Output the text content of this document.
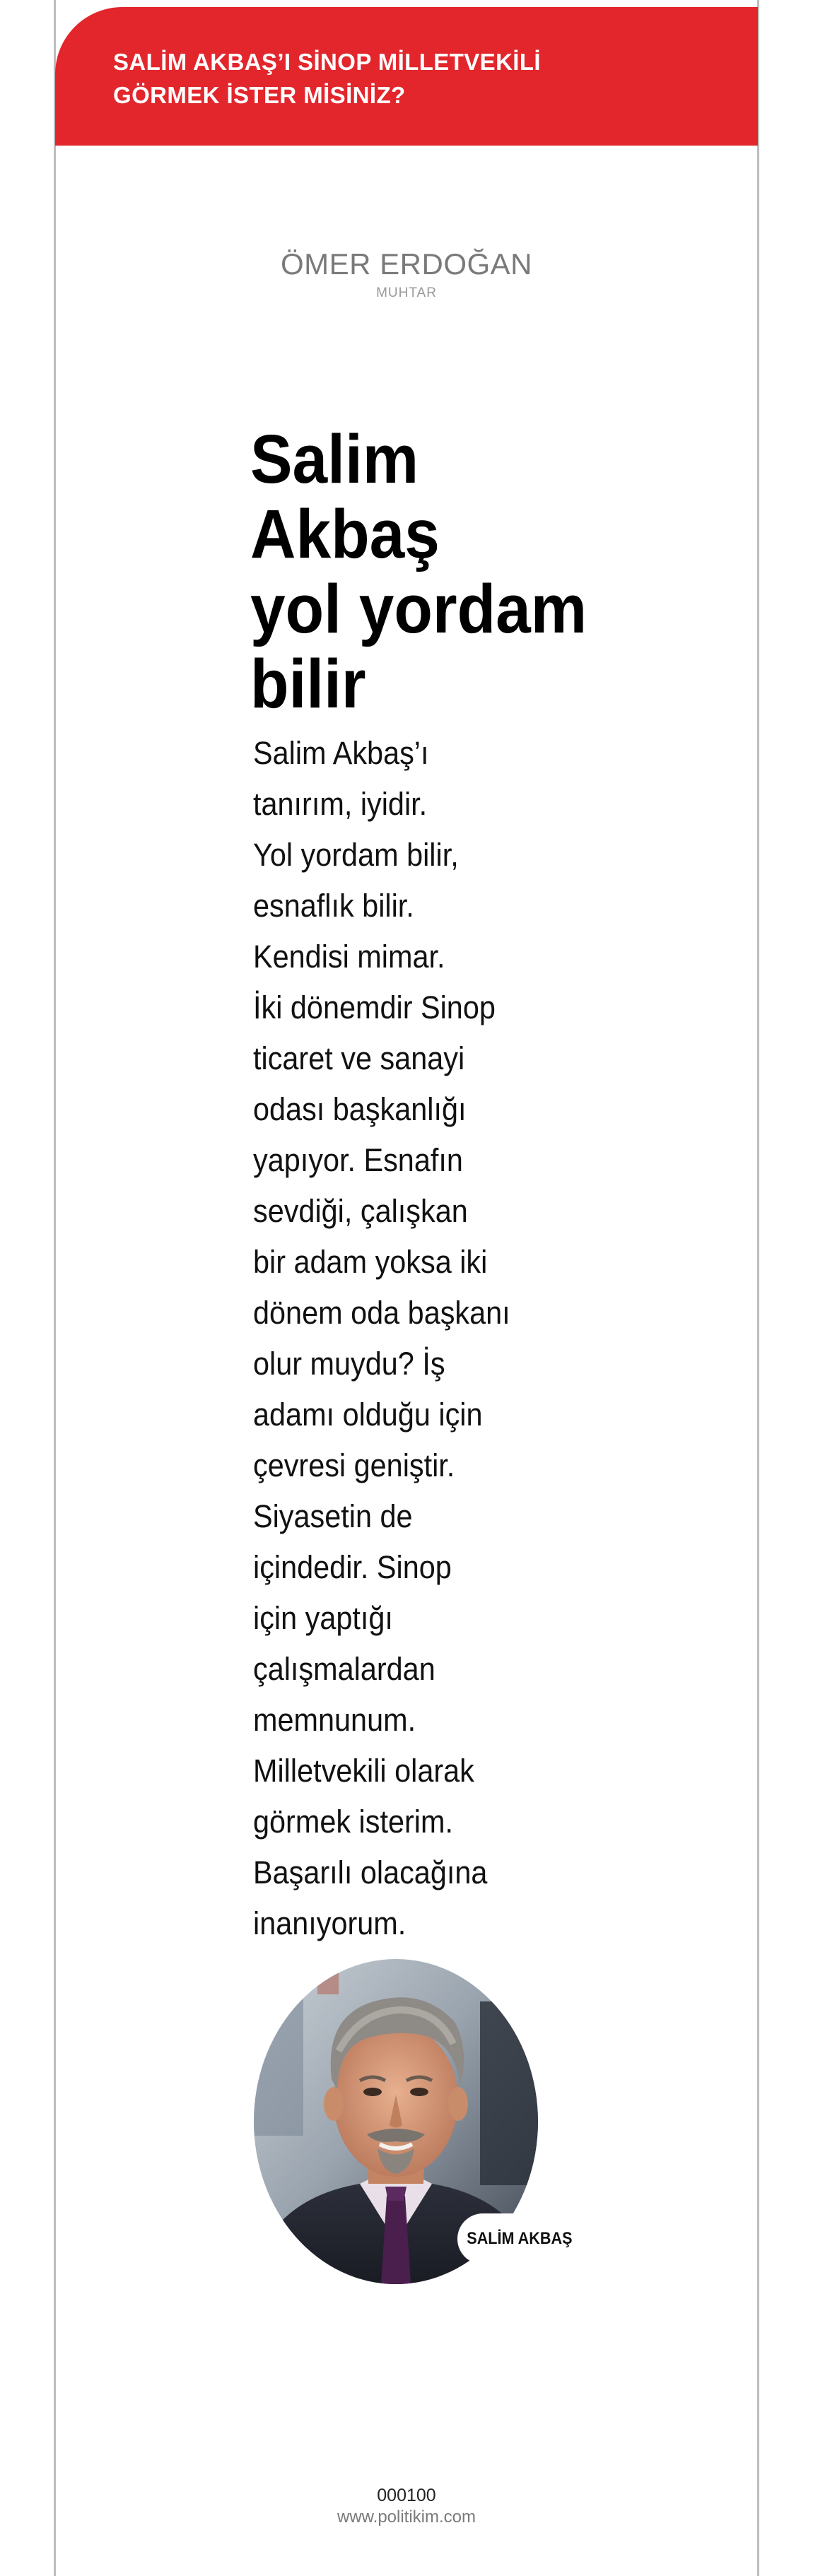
SALİM AKBAŞ’I SİNOP MİLLETVEKİLİ
GÖRMEK İSTER MİSİNİZ?
ÖMER ERDOĞAN
MUHTAR
Salim
Akbaş
yol yordam
bilir
Salim Akbaş’ı
tanırım, iyidir.
Yol yordam bilir,
esnaflık bilir.
Kendisi mimar.
İki dönemdir Sinop
ticaret ve sanayi
odası başkanlığı
yapıyor. Esnafın
sevdiği, çalışkan
bir adam yoksa iki
dönem oda başkanı
olur muydu? İş
adamı olduğu için
çevresi geniştir.
Siyasetin de
içindedir. Sinop
için yaptığı
çalışmalardan
memnunum.
Milletvekili olarak
görmek isterim.
Başarılı olacağına
inanıyorum.
SALİM AKBAŞ
000100
www.politikim.com
